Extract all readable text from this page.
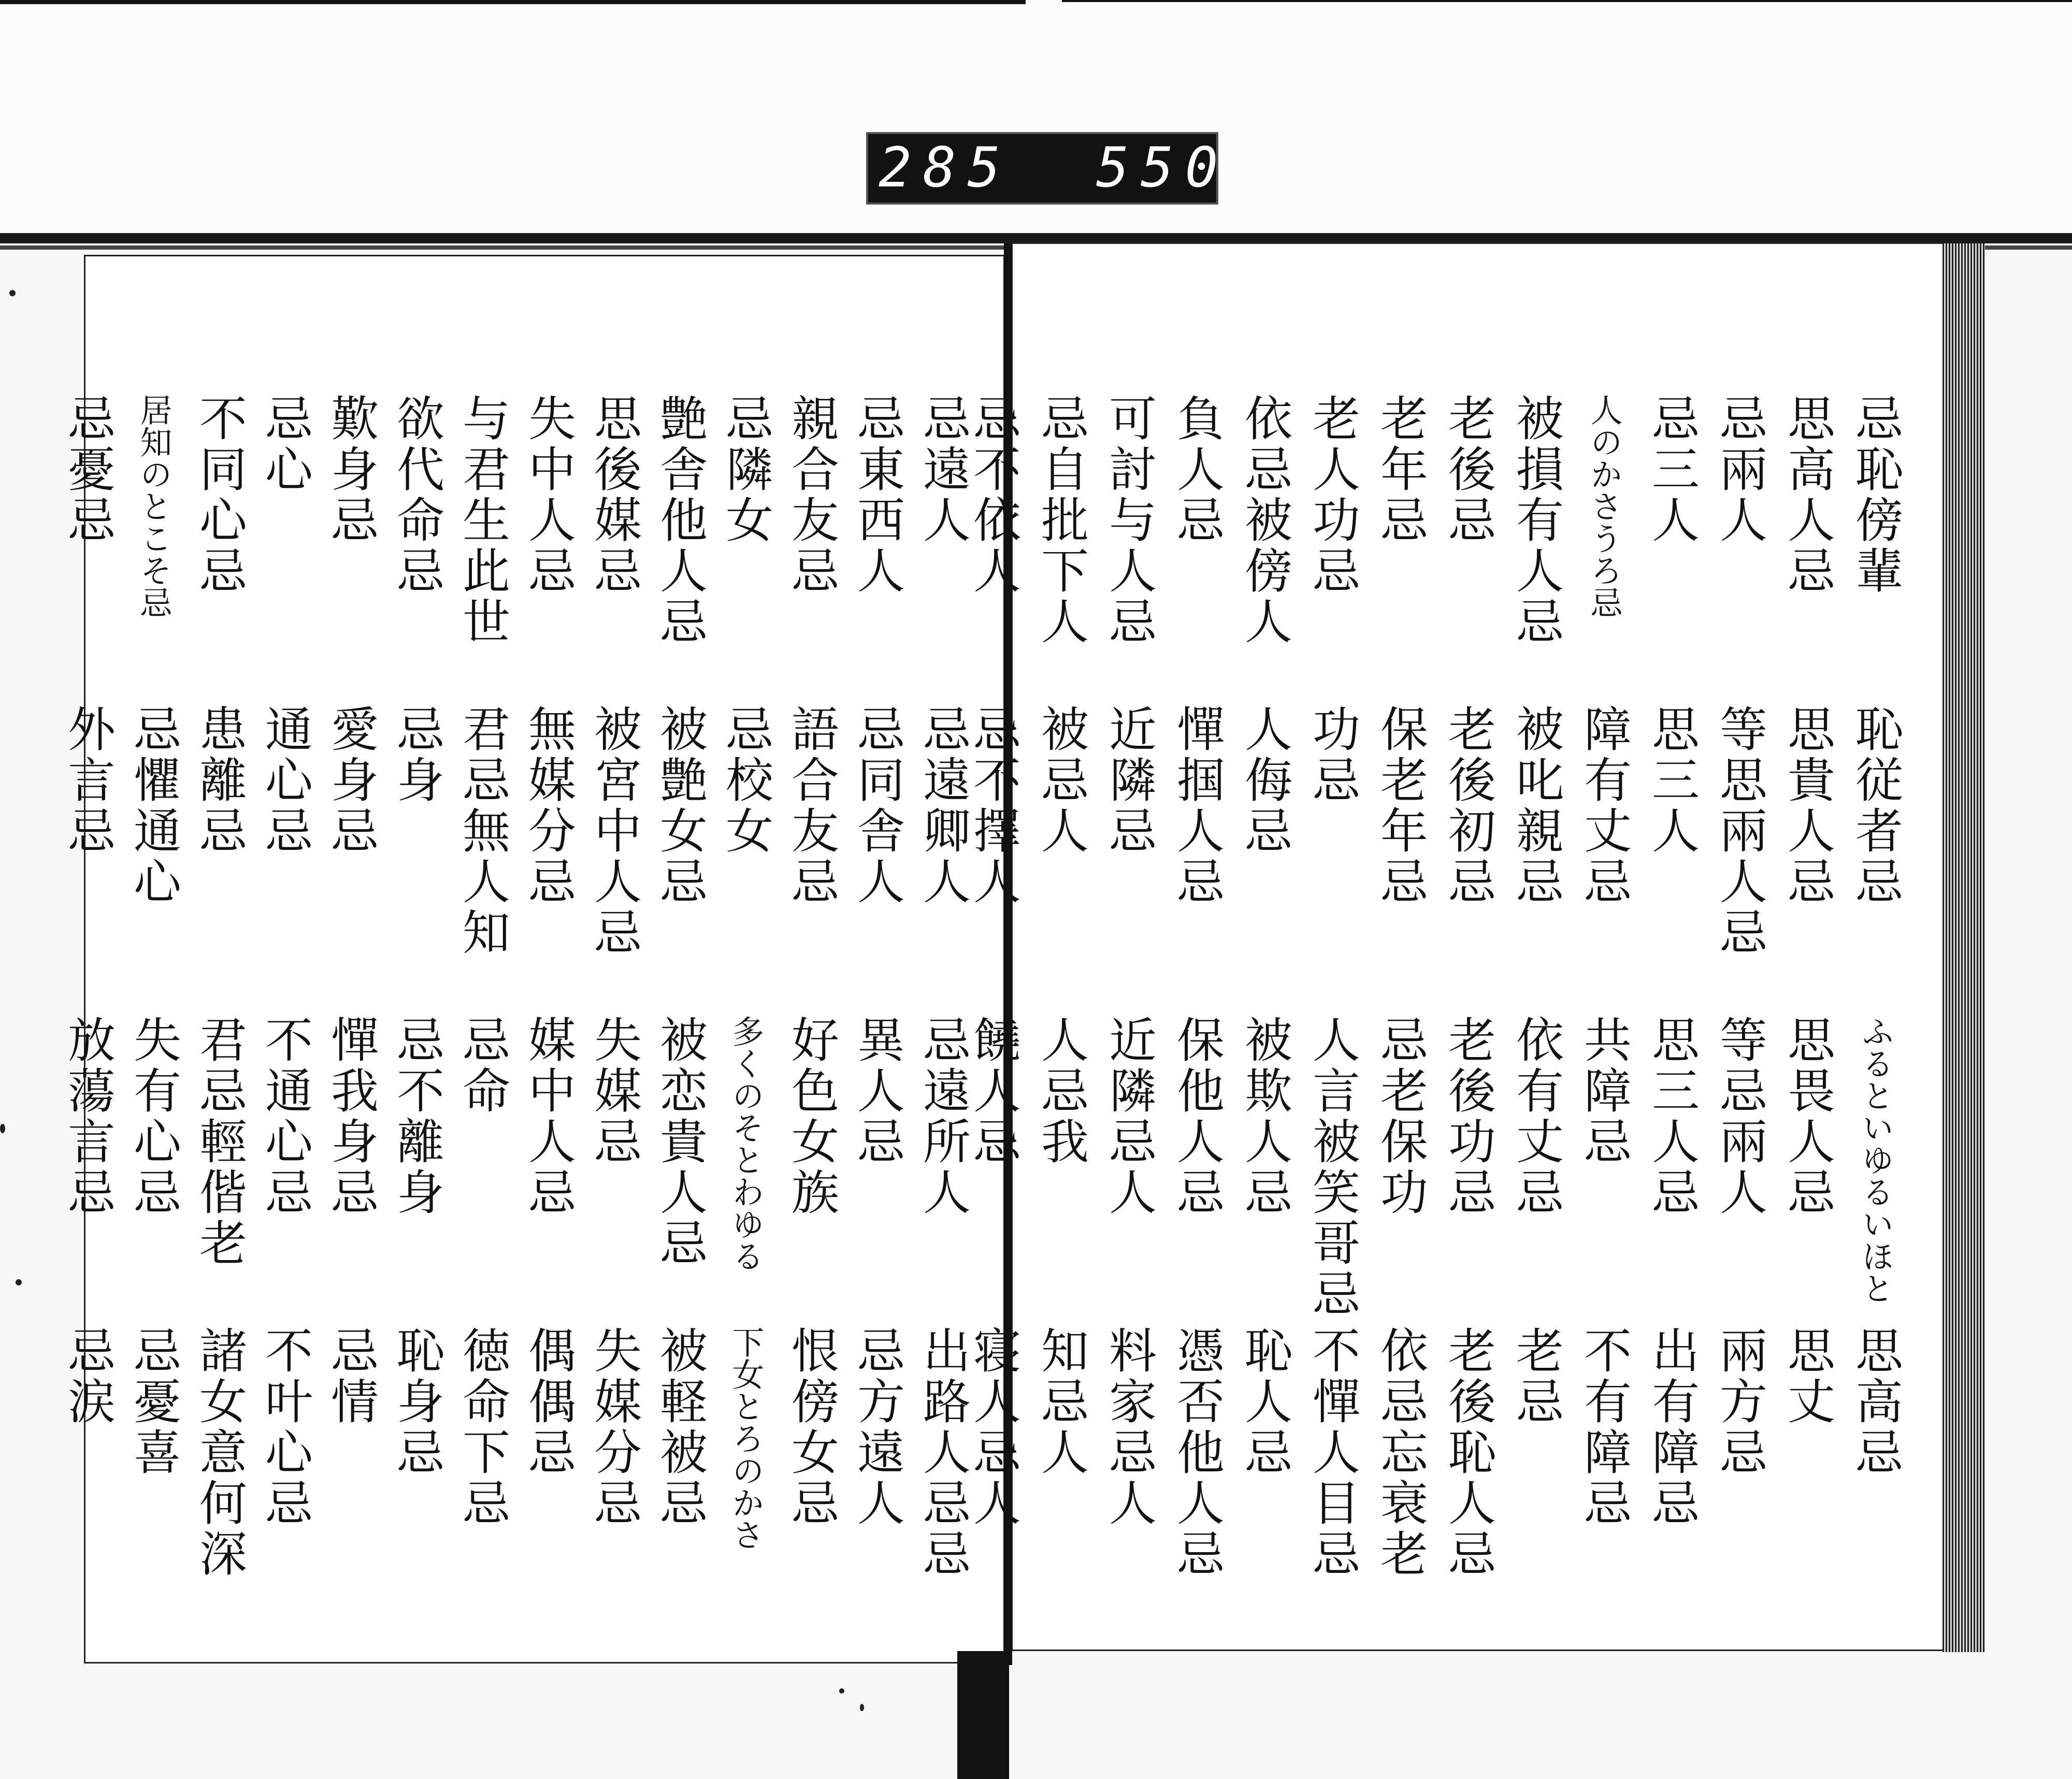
285 550
忌恥傍輩
恥従者忌
ふるといゆるいほと
思高忌
思高人忌
思貴人忌
思畏人忌
思丈
忌兩人
等思兩人忌
等忌兩人
兩方忌
忌三人
思三人
思三人忌
出有障忌
人のかさうろ忌
障有丈忌
共障忌
不有障忌
被損有人忌
被叱親忌
依有丈忌
老忌
老後忌
老後初忌
老後功忌
老後恥人忌
老年忌
保老年忌
忌老保功
依忌忘衰老
老人功忌
功忌
人言被笑哥忌
不憚人目忌
依忌被傍人
人侮忌
被欺人忌
恥人忌
負人忌
憚掴人忌
保他人忌
憑否他人忌
可討与人忌
近隣忌
近隣忌人
料家忌人
忌自批下人
被忌人
人忌我
知忌人
忌不依人
忌不擇人
饒人忌
寝人忌人
忌遠人
忌遠卿人
忌遠所人
出路人忌忌
忌東西人
忌同舎人
異人忌
忌方遠人
親合友忌
語合友忌
好色女族
恨傍女忌
忌隣女
忌校女
多くのそとわゆる
下女とろのかさ
艶舎他人忌
被艶女忌
被恋貴人忌
被軽被忌
思後媒忌
被宮中人忌
失媒忌
失媒分忌
失中人忌
無媒分忌
媒中人忌
偶偶忌
与君生此世
君忌無人知
忌命
徳命下忌
欲代命忌
忌身
忌不離身
恥身忌
歎身忌
愛身忌
憚我身忌
忌情
忌心
通心忌
不通心忌
不叶心忌
不同心忌
患離忌
君忌輕偕老
諸女意何深
居知のとこそ忌
忌懼通心
失有心忌
忌憂喜
忌憂忌
外言忌
放蕩言忌
忌涙
